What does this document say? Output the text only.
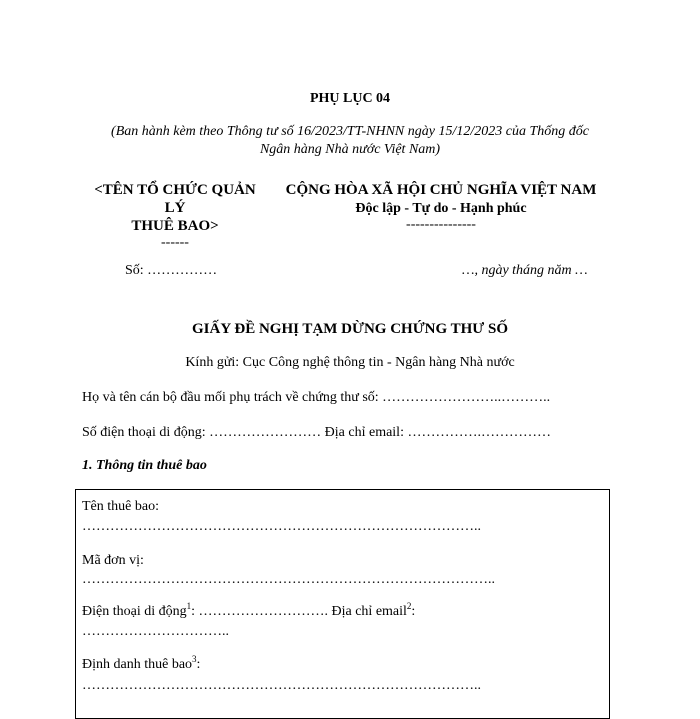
PHỤ LỤC 04
(Ban hành kèm theo Thông tư số 16/2023/TT-NHNN ngày 15/12/2023 của Thống đốc
Ngân hàng Nhà nước Việt Nam)
<TÊN TỔ CHỨC QUẢN
LÝ
THUÊ BAO>
------
Số: ……………
CỘNG HÒA XÃ HỘI CHỦ NGHĨA VIỆT NAM
Độc lập - Tự do - Hạnh phúc
---------------
…, ngày tháng năm …
GIẤY ĐỀ NGHỊ TẠM DỪNG CHỨNG THƯ SỐ
Kính gửi: Cục Công nghệ thông tin - Ngân hàng Nhà nước
Họ và tên cán bộ đầu mối phụ trách về chứng thư số: ……………………..………..
Số điện thoại di động: …………………… Địa chỉ email: …………….……………
1. Thông tin thuê bao
Tên thuê bao:
…………………………………………………………………………..
Mã đơn vị:
……………………………………………………………………………..
Điện thoại di động$^1$: ………………………. Địa chỉ email$^2$:
…………………………..
Định danh thuê bao$^3$:
…………………………………………………………………………..
